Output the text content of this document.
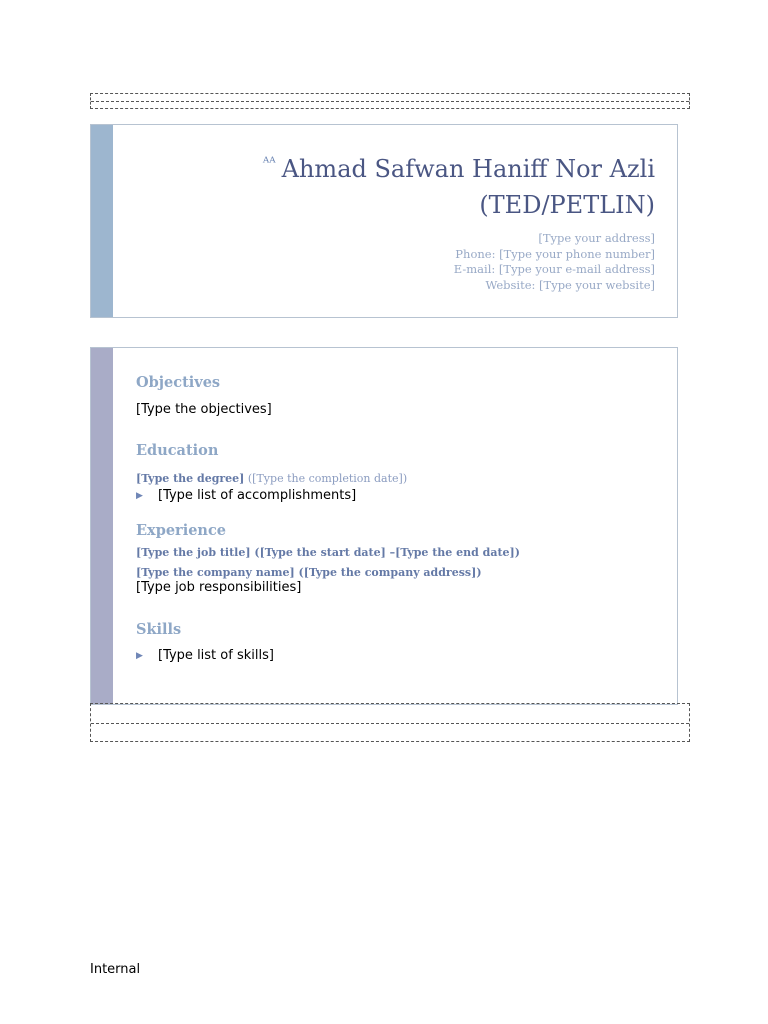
$^{ᴬᴬ}$ Ahmad Safwan Haniff Nor Azli
(TED/PETLIN)
[Type your address]
Phone: [Type your phone number]
E-mail: [Type your e-mail address]
Website: [Type your website]
Objectives
[Type the objectives]
Education
[Type the degree] ([Type the completion date])
▶ [Type list of accomplishments]
Experience
[Type the job title] ([Type the start date] –[Type the end date])
[Type the company name] ([Type the company address])
[Type job responsibilities]
Skills
▶ [Type list of skills]
Internal
